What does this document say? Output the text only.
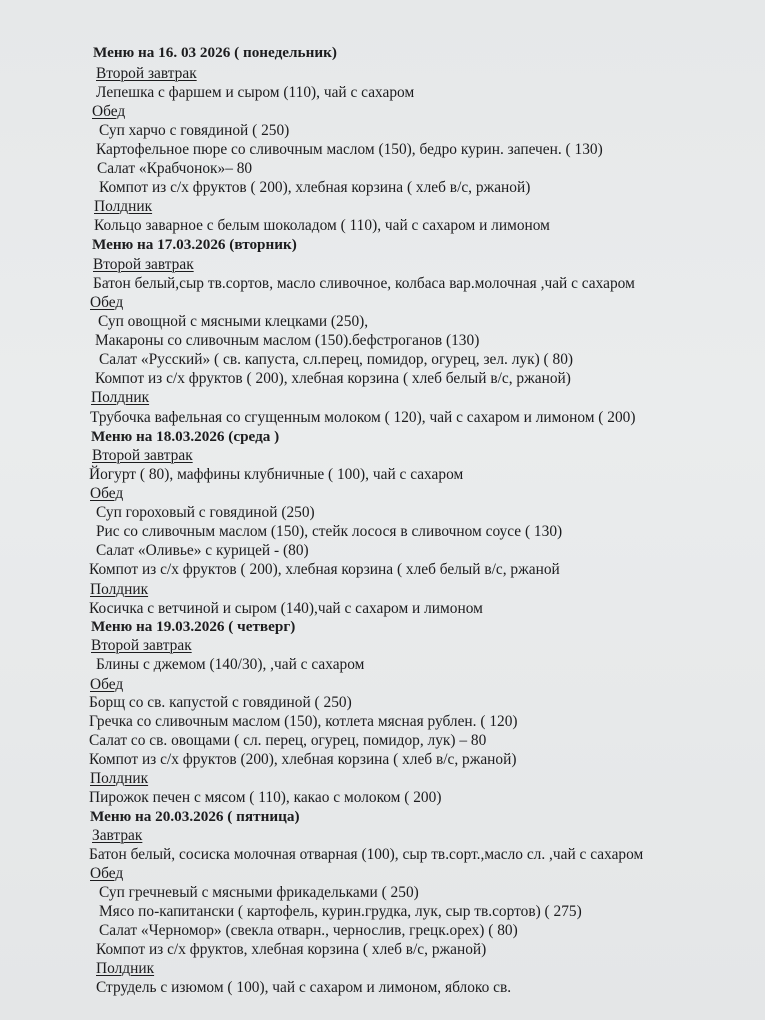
Меню на 16. 03 2026 ( понедельник)
Второй завтрак
Лепешка с фаршем и сыром (110), чай с сахаром
Обед
Суп харчо с говядиной ( 250)
Картофельное пюре со сливочным маслом (150), бедро курин. запечен. ( 130)
Салат «Крабчонок»– 80
Компот из с/х фруктов ( 200), хлебная корзина ( хлеб в/с, ржаной)
Полдник
Кольцо заварное с белым шоколадом ( 110), чай с сахаром и лимоном
Меню на 17.03.2026 (вторник)
Второй завтрак
Батон белый,сыр тв.сортов, масло сливочное, колбаса вар.молочная ,чай с сахаром
Обед
Суп овощной с мясными клецками (250),
Макароны со сливочным маслом (150).бефстроганов (130)
Салат «Русский» ( св. капуста, сл.перец, помидор, огурец, зел. лук) ( 80)
Компот из с/х фруктов ( 200), хлебная корзина ( хлеб белый в/с, ржаной)
Полдник
Трубочка вафельная со сгущенным молоком ( 120), чай с сахаром и лимоном ( 200)
Меню на 18.03.2026 (среда )
Второй завтрак
Йогурт ( 80), маффины клубничные ( 100), чай с сахаром
Обед
Суп гороховый с говядиной (250)
Рис со сливочным маслом (150), стейк лосося в сливочном соусе ( 130)
Салат «Оливье» с курицей - (80)
Компот из с/х фруктов ( 200), хлебная корзина ( хлеб белый в/с, ржаной
Полдник
Косичка с ветчиной и сыром (140),чай с сахаром и лимоном
Меню на 19.03.2026 ( четверг)
Второй завтрак
Блины с джемом (140/30), ,чай с сахаром
Обед
Борщ со св. капустой с говядиной ( 250)
Гречка со сливочным маслом (150), котлета мясная рублен. ( 120)
Салат со св. овощами ( сл. перец, огурец, помидор, лук) – 80
Компот из с/х фруктов (200), хлебная корзина ( хлеб в/с, ржаной)
Полдник
Пирожок печен с мясом ( 110), какао с молоком ( 200)
Меню на 20.03.2026 ( пятница)
Завтрак
Батон белый, сосиска молочная отварная (100), сыр тв.сорт.,масло сл. ,чай с сахаром
Обед
Суп гречневый с мясными фрикадельками ( 250)
Мясо по-капитански ( картофель, курин.грудка, лук, сыр тв.сортов) ( 275)
Салат «Черномор» (свекла отварн., чернослив, грецк.орех) ( 80)
Компот из с/х фруктов, хлебная корзина ( хлеб в/с, ржаной)
Полдник
Струдель с изюмом ( 100), чай с сахаром и лимоном, яблоко св.
